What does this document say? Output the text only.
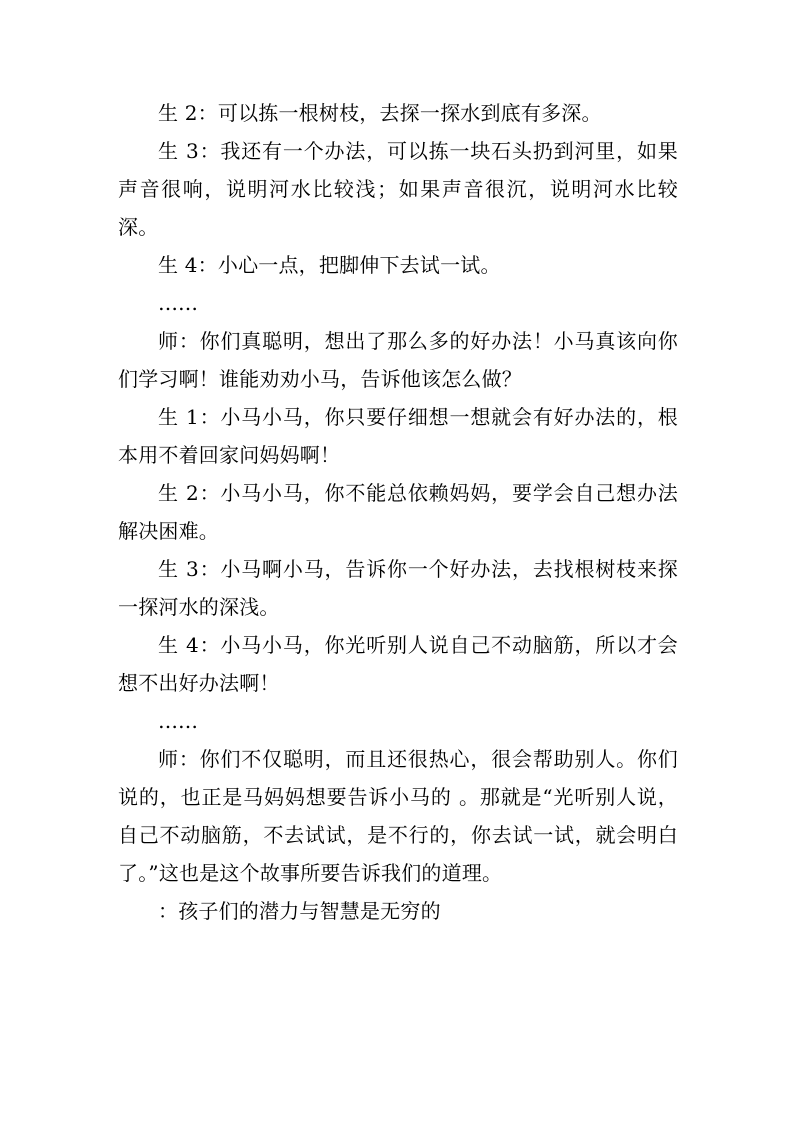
生 2：可以拣一根树枝，去探一探水到底有多深。

生 3：我还有一个办法，可以拣一块石头扔到河里，如果声音很响，说明河水比较浅；如果声音很沉，说明河水比较深。

生 4：小心一点，把脚伸下去试一试。

……

师：你们真聪明，想出了那么多的好办法！小马真该向你们学习啊！谁能劝劝小马，告诉他该怎么做？

生 1：小马小马，你只要仔细想一想就会有好办法的，根本用不着回家问妈妈啊！

生 2：小马小马，你不能总依赖妈妈，要学会自己想办法解决困难。

生 3：小马啊小马，告诉你一个好办法，去找根树枝来探一探河水的深浅。

生 4：小马小马，你光听别人说自己不动脑筋，所以才会想不出好办法啊！

……

师：你们不仅聪明，而且还很热心，很会帮助别人。你们说的，也正是马妈妈想要告诉小马的 。那就是“光听别人说，自己不动脑筋，不去试试，是不行的，你去试一试，就会明白了。”这也是这个故事所要告诉我们的道理。

：孩子们的潜力与智慧是无穷的
